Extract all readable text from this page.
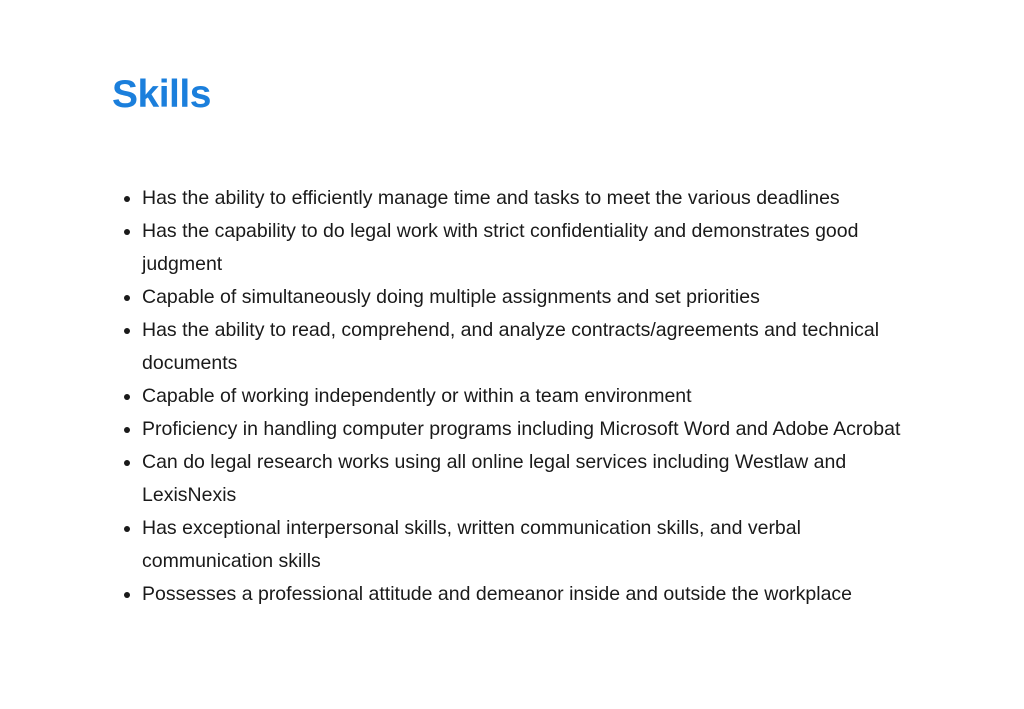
Skills
Has the ability to efficiently manage time and tasks to meet the various deadlines
Has the capability to do legal work with strict confidentiality and demonstrates good judgment
Capable of simultaneously doing multiple assignments and set priorities
Has the ability to read, comprehend, and analyze contracts/agreements and technical documents
Capable of working independently or within a team environment
Proficiency in handling computer programs including Microsoft Word and Adobe Acrobat
Can do legal research works using all online legal services including Westlaw and LexisNexis
Has exceptional interpersonal skills, written communication skills, and verbal communication skills
Possesses a professional attitude and demeanor inside and outside the workplace
